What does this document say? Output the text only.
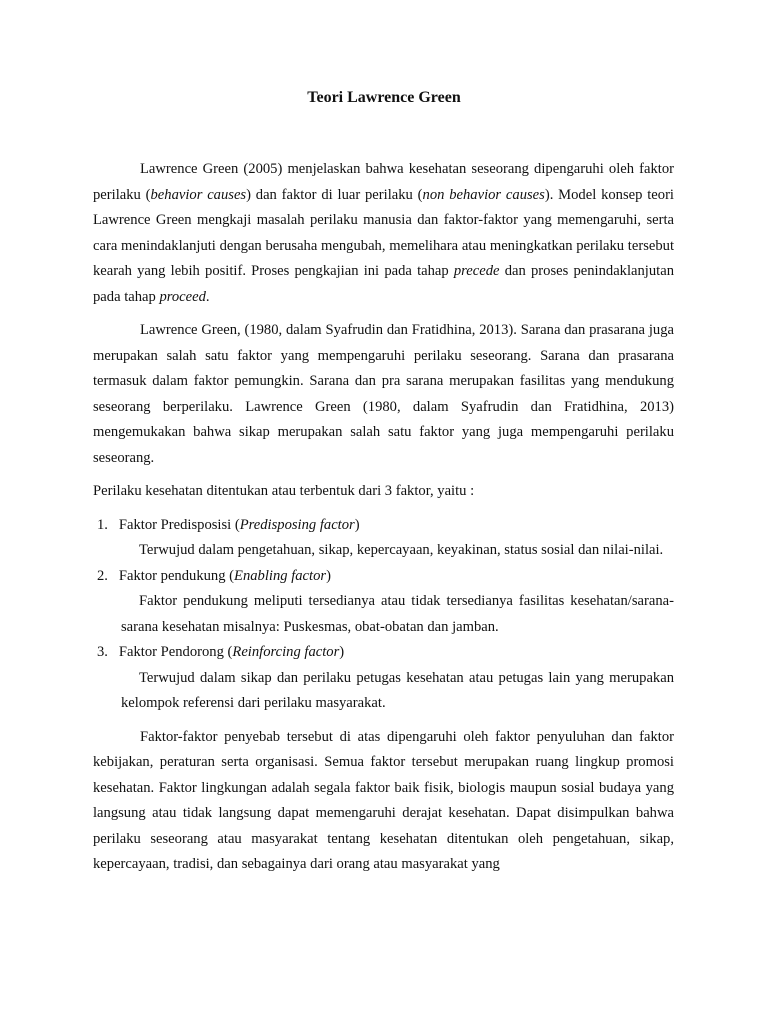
Teori Lawrence Green

Lawrence Green (2005) menjelaskan bahwa kesehatan seseorang dipengaruhi oleh faktor perilaku (behavior causes) dan faktor di luar perilaku (non behavior causes). Model konsep teori Lawrence Green mengkaji masalah perilaku manusia dan faktor-faktor yang memengaruhi, serta cara menindaklanjuti dengan berusaha mengubah, memelihara atau meningkatkan perilaku tersebut kearah yang lebih positif. Proses pengkajian ini pada tahap precede dan proses penindaklanjutan pada tahap proceed.

Lawrence Green, (1980, dalam Syafrudin dan Fratidhina, 2013). Sarana dan prasarana juga merupakan salah satu faktor yang mempengaruhi perilaku seseorang. Sarana dan prasarana termasuk dalam faktor pemungkin. Sarana dan pra sarana merupakan fasilitas yang mendukung seseorang berperilaku. Lawrence Green (1980, dalam Syafrudin dan Fratidhina, 2013) mengemukakan bahwa sikap merupakan salah satu faktor yang juga mempengaruhi perilaku seseorang.

Perilaku kesehatan ditentukan atau terbentuk dari 3 faktor, yaitu :

1. Faktor Predisposisi (Predisposing factor)
Terwujud dalam pengetahuan, sikap, kepercayaan, keyakinan, status sosial dan nilai-nilai.
2. Faktor pendukung (Enabling factor)
Faktor pendukung meliputi tersedianya atau tidak tersedianya fasilitas kesehatan/sarana-sarana kesehatan misalnya: Puskesmas, obat-obatan dan jamban.
3. Faktor Pendorong (Reinforcing factor)
Terwujud dalam sikap dan perilaku petugas kesehatan atau petugas lain yang merupakan kelompok referensi dari perilaku masyarakat.

Faktor-faktor penyebab tersebut di atas dipengaruhi oleh faktor penyuluhan dan faktor kebijakan, peraturan serta organisasi. Semua faktor tersebut merupakan ruang lingkup promosi kesehatan. Faktor lingkungan adalah segala faktor baik fisik, biologis maupun sosial budaya yang langsung atau tidak langsung dapat memengaruhi derajat kesehatan. Dapat disimpulkan bahwa perilaku seseorang atau masyarakat tentang kesehatan ditentukan oleh pengetahuan, sikap, kepercayaan, tradisi, dan sebagainya dari orang atau masyarakat yang
